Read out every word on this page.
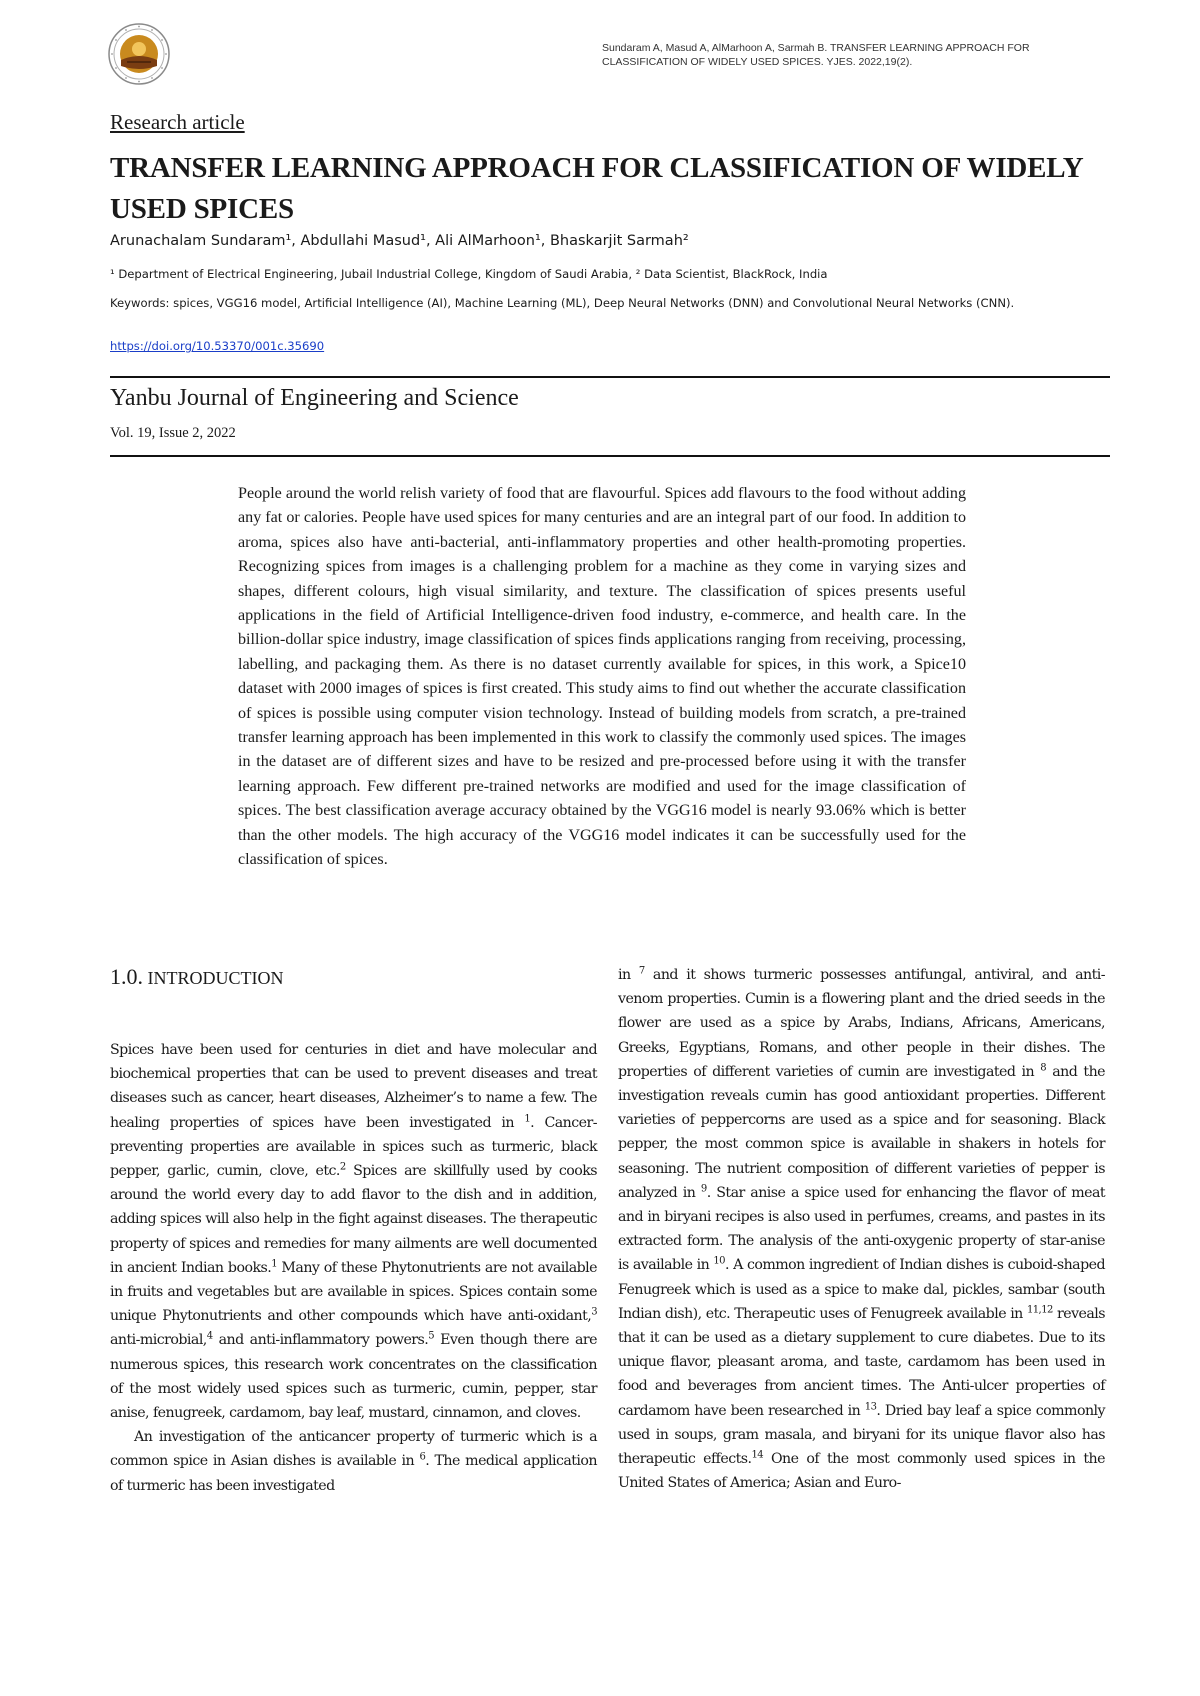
Sundaram A, Masud A, AlMarhoon A, Sarmah B. TRANSFER LEARNING APPROACH FOR CLASSIFICATION OF WIDELY USED SPICES. YJES. 2022,19(2).
Research article
TRANSFER LEARNING APPROACH FOR CLASSIFICATION OF WIDELY USED SPICES
Arunachalam Sundaram¹, Abdullahi Masud¹, Ali AlMarhoon¹, Bhaskarjit Sarmah²
¹ Department of Electrical Engineering, Jubail Industrial College, Kingdom of Saudi Arabia, ² Data Scientist, BlackRock, India
Keywords: spices, VGG16 model, Artificial Intelligence (AI), Machine Learning (ML), Deep Neural Networks (DNN) and Convolutional Neural Networks (CNN).
https://doi.org/10.53370/001c.35690
Yanbu Journal of Engineering and Science
Vol. 19, Issue 2, 2022

People around the world relish variety of food that are flavourful. Spices add flavours to the food without adding any fat or calories. People have used spices for many centuries and are an integral part of our food. In addition to aroma, spices also have anti-bacterial, anti-inflammatory properties and other health-promoting properties. Recognizing spices from images is a challenging problem for a machine as they come in varying sizes and shapes, different colours, high visual similarity, and texture. The classification of spices presents useful applications in the field of Artificial Intelligence-driven food industry, e-commerce, and health care. In the billion-dollar spice industry, image classification of spices finds applications ranging from receiving, processing, labelling, and packaging them. As there is no dataset currently available for spices, in this work, a Spice10 dataset with 2000 images of spices is first created. This study aims to find out whether the accurate classification of spices is possible using computer vision technology. Instead of building models from scratch, a pre-trained transfer learning approach has been implemented in this work to classify the commonly used spices. The images in the dataset are of different sizes and have to be resized and pre-processed before using it with the transfer learning approach. Few different pre-trained networks are modified and used for the image classification of spices. The best classification average accuracy obtained by the VGG16 model is nearly 93.06% which is better than the other models. The high accuracy of the VGG16 model indicates it can be successfully used for the classification of spices.

1.0. INTRODUCTION

Spices have been used for centuries in diet and have molecular and biochemical properties that can be used to prevent diseases and treat diseases such as cancer, heart diseases, Alzheimer’s to name a few. The healing properties of spices have been investigated in $^1$. Cancer-preventing properties are available in spices such as turmeric, black pepper, garlic, cumin, clove, etc.$^2$ Spices are skillfully used by cooks around the world every day to add flavor to the dish and in addition, adding spices will also help in the fight against diseases. The therapeutic property of spices and remedies for many ailments are well documented in ancient Indian books.$^1$ Many of these Phytonutrients are not available in fruits and vegetables but are available in spices. Spices contain some unique Phytonutrients and other compounds which have anti-oxidant,$^3$ anti-microbial,$^4$ and anti-inflammatory powers.$^5$ Even though there are numerous spices, this research work concentrates on the classification of the most widely used spices such as turmeric, cumin, pepper, star anise, fenugreek, cardamom, bay leaf, mustard, cinnamon, and cloves.

An investigation of the anticancer property of turmeric which is a common spice in Asian dishes is available in $^6$. The medical application of turmeric has been investigated

in $^7$ and it shows turmeric possesses antifungal, antiviral, and anti-venom properties. Cumin is a flowering plant and the dried seeds in the flower are used as a spice by Arabs, Indians, Africans, Americans, Greeks, Egyptians, Romans, and other people in their dishes. The properties of different varieties of cumin are investigated in $^8$ and the investigation reveals cumin has good antioxidant properties. Different varieties of peppercorns are used as a spice and for seasoning. Black pepper, the most common spice is available in shakers in hotels for seasoning. The nutrient composition of different varieties of pepper is analyzed in $^9$. Star anise a spice used for enhancing the flavor of meat and in biryani recipes is also used in perfumes, creams, and pastes in its extracted form. The analysis of the anti-oxygenic property of star-anise is available in $^{10}$. A common ingredient of Indian dishes is cuboid-shaped Fenugreek which is used as a spice to make dal, pickles, sambar (south Indian dish), etc. Therapeutic uses of Fenugreek available in $^{11,12}$ reveals that it can be used as a dietary supplement to cure diabetes. Due to its unique flavor, pleasant aroma, and taste, cardamom has been used in food and beverages from ancient times. The Anti-ulcer properties of cardamom have been researched in $^{13}$. Dried bay leaf a spice commonly used in soups, gram masala, and biryani for its unique flavor also has therapeutic effects.$^{14}$ One of the most commonly used spices in the United States of America; Asian and Euro-
